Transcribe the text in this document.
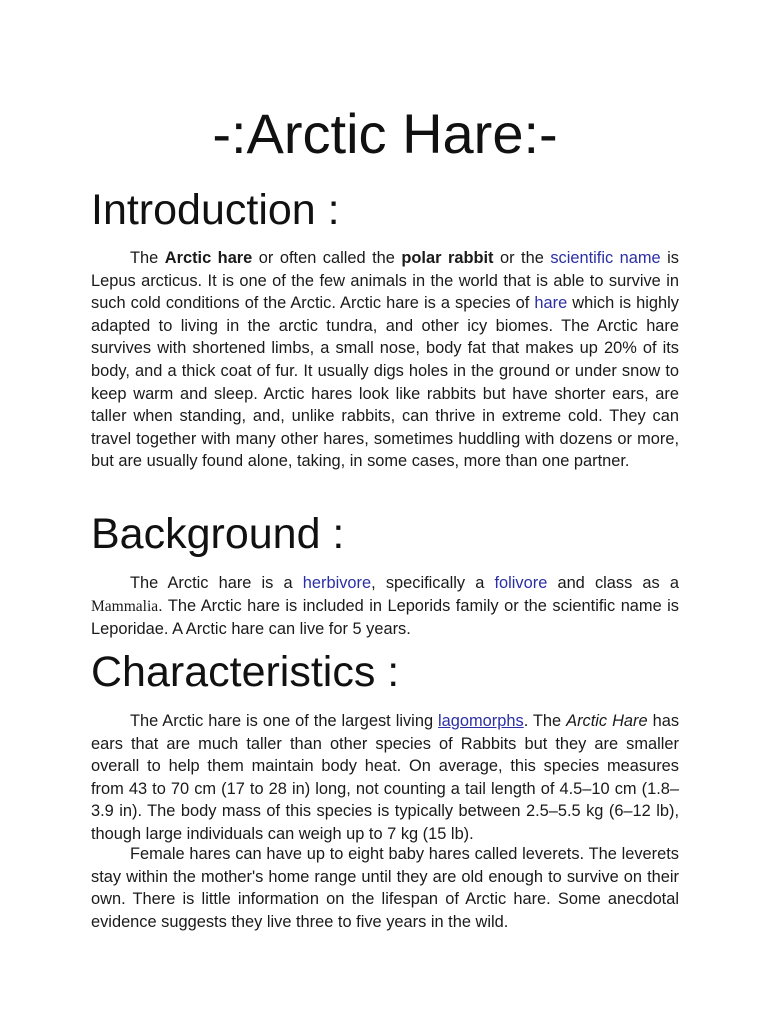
-:Arctic Hare:-
Introduction :

The Arctic hare or often called the polar rabbit or the scientific name is Lepus arcticus. It is one of the few animals in the world that is able to survive in such cold conditions of the Arctic. Arctic hare is a species of hare which is highly adapted to living in the arctic tundra, and other icy biomes. The Arctic hare survives with shortened limbs, a small nose, body fat that makes up 20% of its body, and a thick coat of fur. It usually digs holes in the ground or under snow to keep warm and sleep. Arctic hares look like rabbits but have shorter ears, are taller when standing, and, unlike rabbits, can thrive in extreme cold. They can travel together with many other hares, sometimes huddling with dozens or more, but are usually found alone, taking, in some cases, more than one partner.

Background :

The Arctic hare is a herbivore, specifically a folivore and class as a Mammalia. The Arctic hare is included in Leporids family or the scientific name is Leporidae. A Arctic hare can live for 5 years.

Characteristics :

The Arctic hare is one of the largest living lagomorphs. The Arctic Hare has ears that are much taller than other species of Rabbits but they are smaller overall to help them maintain body heat. On average, this species measures from 43 to 70 cm (17 to 28 in) long, not counting a tail length of 4.5–10 cm (1.8–3.9 in). The body mass of this species is typically between 2.5–5.5 kg (6–12 lb), though large individuals can weigh up to 7 kg (15 lb).

Female hares can have up to eight baby hares called leverets. The leverets stay within the mother's home range until they are old enough to survive on their own. There is little information on the lifespan of Arctic hare. Some anecdotal evidence suggests they live three to five years in the wild.
